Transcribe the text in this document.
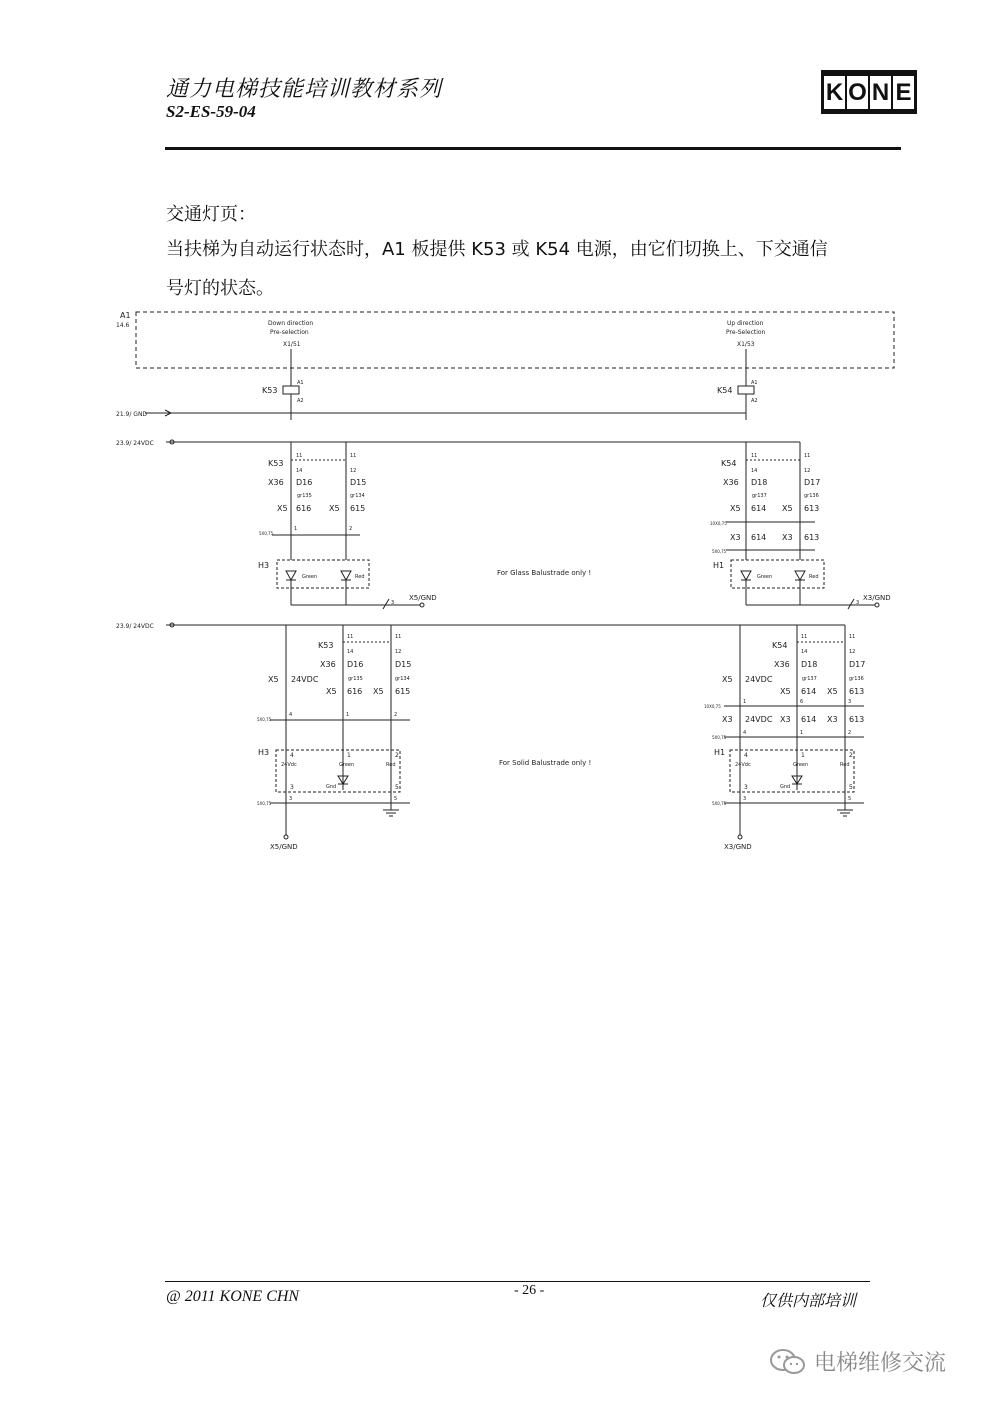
通力电梯技能培训教材系列
S2-ES-59-04
K O N E
交通灯页：
当扶梯为自动运行状态时，A1 板提供 K53 或 K54 电源，由它们切换上、下交通信
号灯的状态。
A1
14.6	Down direction
Pre-selection
X1/51
K53
A1
A2
Up direction
Pre-Selection
X1/53
K54
A1
A2
21.9/ GND
23.9/ 24VDC
K53
11	11
14	12
X36 D16	D15
gr135	gr134
X5 616 X5 615
5X0,75
1	2
H3
Green	Red
3
X5/GND
K54
11	11
14	12
X36 D18	D17
gr137	gr136
X5 614 X5 613
10X0,75
X3 614 X3 613
5X0,75
H1
Green	Red
3
X3/GND
For Glass Balustrade only !
23.9/ 24VDC
K53
11	11
14	12
X36 D16	D15
gr135	gr134
X5 24VDC
X5 616 X5 615
5X0,75
4	1	2
H3	4
24Vdc
1
Green
2
Red
3	Gnd	5
5X0,75
3	5
X5/GND
K54
11	11
14	12
X36 D18	D17
gr137	gr136
X5 24VDC
X5 614 X5 613
10X0,75
1	6	3
X3 24VDC X3 614 X3 613
5X0,75
4	1	2
H1	4
24Vdc
1
Green
2
Red
3	Gnd	5
5X0,75
3	5
X3/GND
For Solid Balustrade only !
@ 2011 KONE CHN	- 26 -
仅供内部培训
电梯维修交流
